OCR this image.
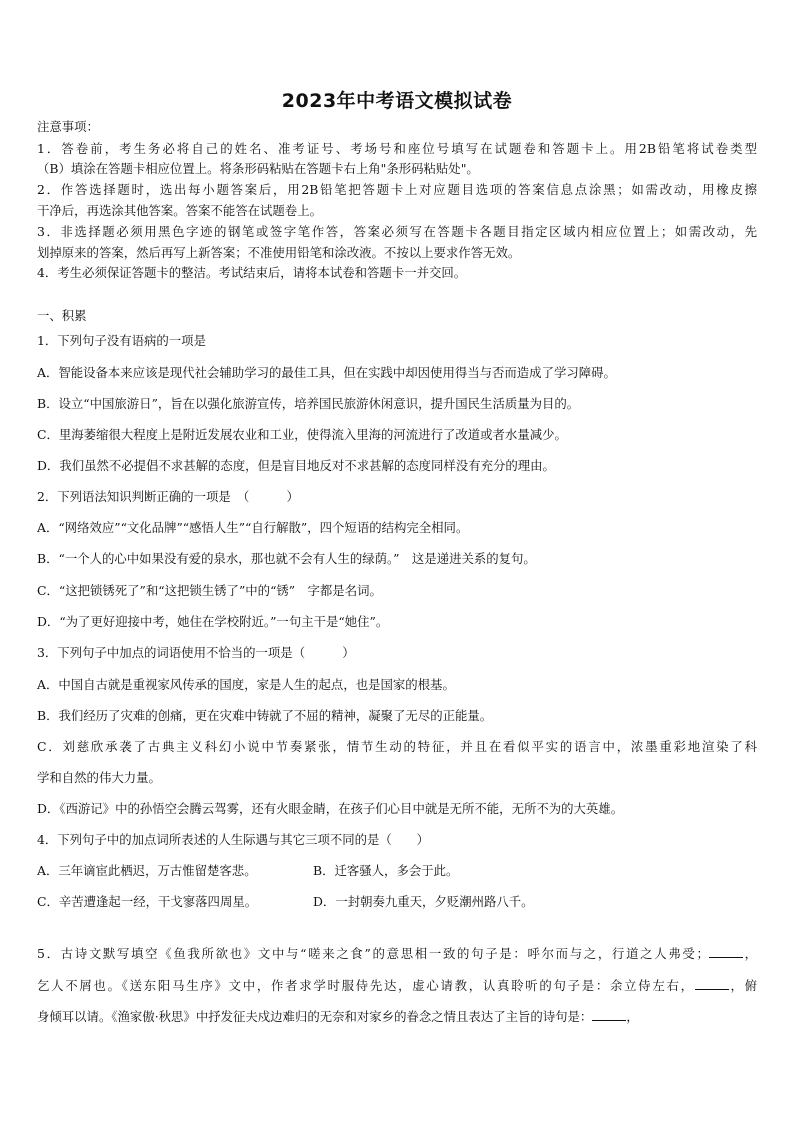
2023年中考语文模拟试卷
注意事项：
1．答卷前，考生务必将自己的姓名、准考证号、考场号和座位号填写在试题卷和答题卡上。用2B铅笔将试卷类型
（B）填涂在答题卡相应位置上。将条形码粘贴在答题卡右上角"条形码粘贴处"。
2．作答选择题时，选出每小题答案后，用2B铅笔把答题卡上对应题目选项的答案信息点涂黑；如需改动，用橡皮擦
干净后，再选涂其他答案。答案不能答在试题卷上。
3．非选择题必须用黑色字迹的钢笔或签字笔作答，答案必须写在答题卡各题目指定区域内相应位置上；如需改动，先
划掉原来的答案，然后再写上新答案；不准使用铅笔和涂改液。不按以上要求作答无效。
4．考生必须保证答题卡的整洁。考试结束后，请将本试卷和答题卡一并交回。
一、积累
1．下列句子没有语病的一项是
A．智能设备本来应该是现代社会辅助学习的最佳工具，但在实践中却因使用得当与否而造成了学习障碍。
B．设立“中国旅游日”，旨在以强化旅游宣传，培养国民旅游休闲意识，提升国民生活质量为目的。
C．里海萎缩很大程度上是附近发展农业和工业，使得流入里海的河流进行了改道或者水量减少。
D．我们虽然不必提倡不求甚解的态度，但是盲目地反对不求甚解的态度同样没有充分的理由。
2．下列语法知识判断正确的一项是　（　　　）
A．“网络效应”“文化品牌”“感悟人生”“自行解散”，四个短语的结构完全相同。
B．“一个人的心中如果没有爱的泉水，那也就不会有人生的绿荫。”　这是递进关系的复句。
C．“这把锁锈死了”和“这把锁生锈了”中的“锈”　字都是名词。
D．“为了更好迎接中考，她住在学校附近。”一句主干是“她住”。
3．下列句子中加点的词语使用不恰当的一项是（　　　）
A．中国自古就是重视家风传承的国度，家是人生的起点，也是国家的根基。
B．我们经历了灾难的创痛，更在灾难中铸就了不屈的精神，凝聚了无尽的正能量。
C．刘慈欣承袭了古典主义科幻小说中节奏紧张，情节生动的特征，并且在看似平实的语言中，浓墨重彩地渲染了科
学和自然的伟大力量。
D．《西游记》中的孙悟空会腾云驾雾，还有火眼金睛，在孩子们心目中就是无所不能，无所不为的大英雄。
4．下列句子中的加点词所表述的人生际遇与其它三项不同的是（　　）
A．三年谪宦此栖迟，万古惟留楚客悲。	B．迁客骚人，多会于此。
C．辛苦遭逢起一经，干戈寥落四周星。	D．一封朝奏九重天，夕贬潮州路八千。
5．古诗文默写填空《鱼我所欲也》文中与“嗟来之食”的意思相一致的句子是：呼尔而与之，行道之人弗受；	，
乞人不屑也。《送东阳马生序》文中，作者求学时服侍先达，虚心请教，认真聆听的句子是：余立侍左右，	，俯
身倾耳以请。《渔家傲·秋思》中抒发征夫戍边难归的无奈和对家乡的眷念之情且表达了主旨的诗句是：	，
